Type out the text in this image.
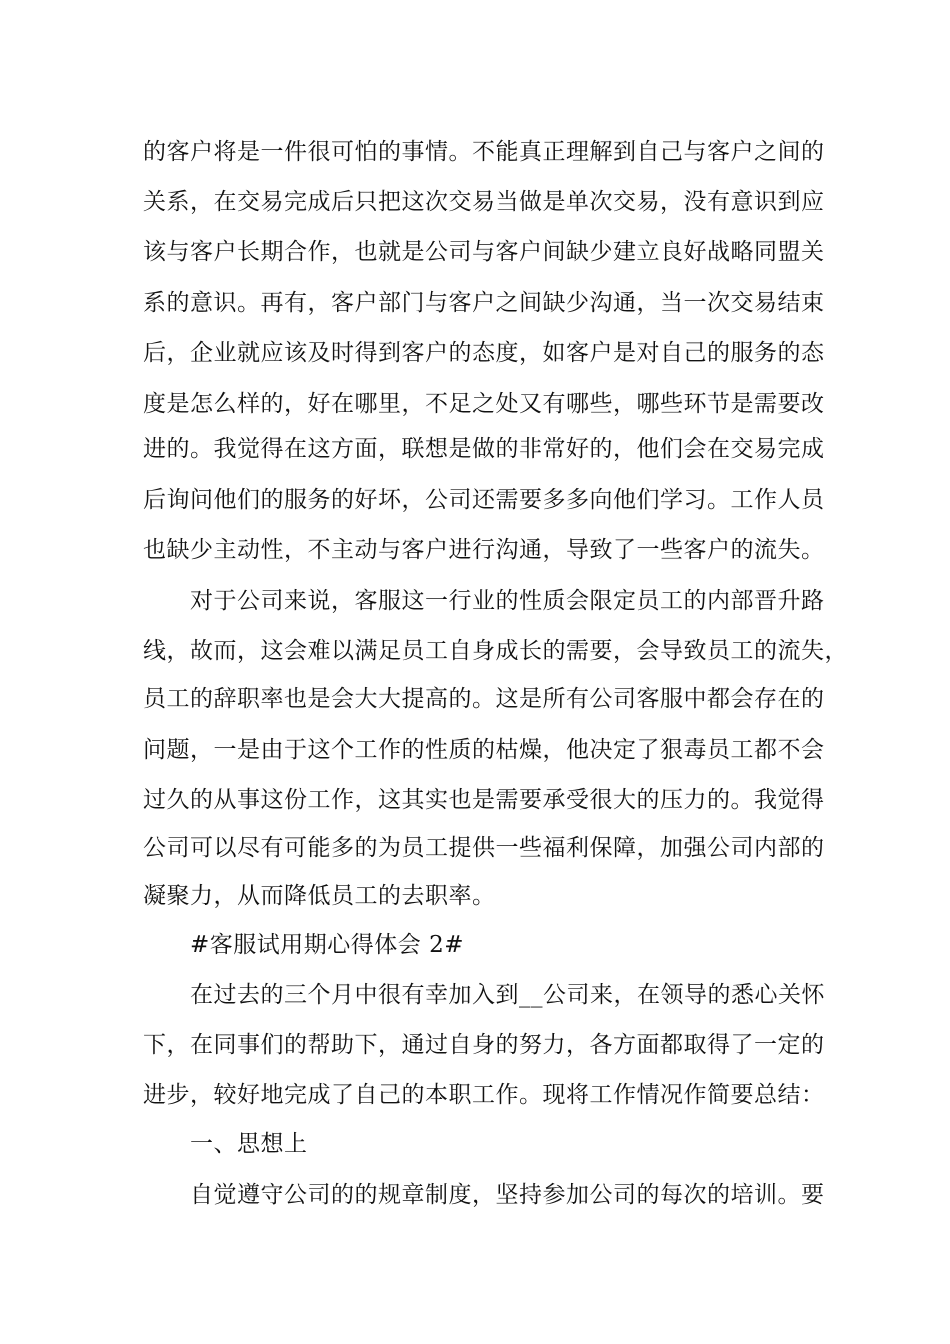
的客户将是一件很可怕的事情。不能真正理解到自己与客户之间的
关系，在交易完成后只把这次交易当做是单次交易，没有意识到应
该与客户长期合作，也就是公司与客户间缺少建立良好战略同盟关
系的意识。再有，客户部门与客户之间缺少沟通，当一次交易结束
后，企业就应该及时得到客户的态度，如客户是对自己的服务的态
度是怎么样的，好在哪里，不足之处又有哪些，哪些环节是需要改
进的。我觉得在这方面，联想是做的非常好的，他们会在交易完成
后询问他们的服务的好坏，公司还需要多多向他们学习。工作人员
也缺少主动性，不主动与客户进行沟通，导致了一些客户的流失。
对于公司来说，客服这一行业的性质会限定员工的内部晋升路
线，故而，这会难以满足员工自身成长的需要，会导致员工的流失，
员工的辞职率也是会大大提高的。这是所有公司客服中都会存在的
问题，一是由于这个工作的性质的枯燥，他决定了狠毒员工都不会
过久的从事这份工作，这其实也是需要承受很大的压力的。我觉得
公司可以尽有可能多的为员工提供一些福利保障，加强公司内部的
凝聚力，从而降低员工的去职率。
#客服试用期心得体会 2#
在过去的三个月中很有幸加入到__公司来，在领导的悉心关怀
下，在同事们的帮助下，通过自身的努力，各方面都取得了一定的
进步，较好地完成了自己的本职工作。现将工作情况作简要总结：
一、思想上
自觉遵守公司的的规章制度，坚持参加公司的每次的培训。要
